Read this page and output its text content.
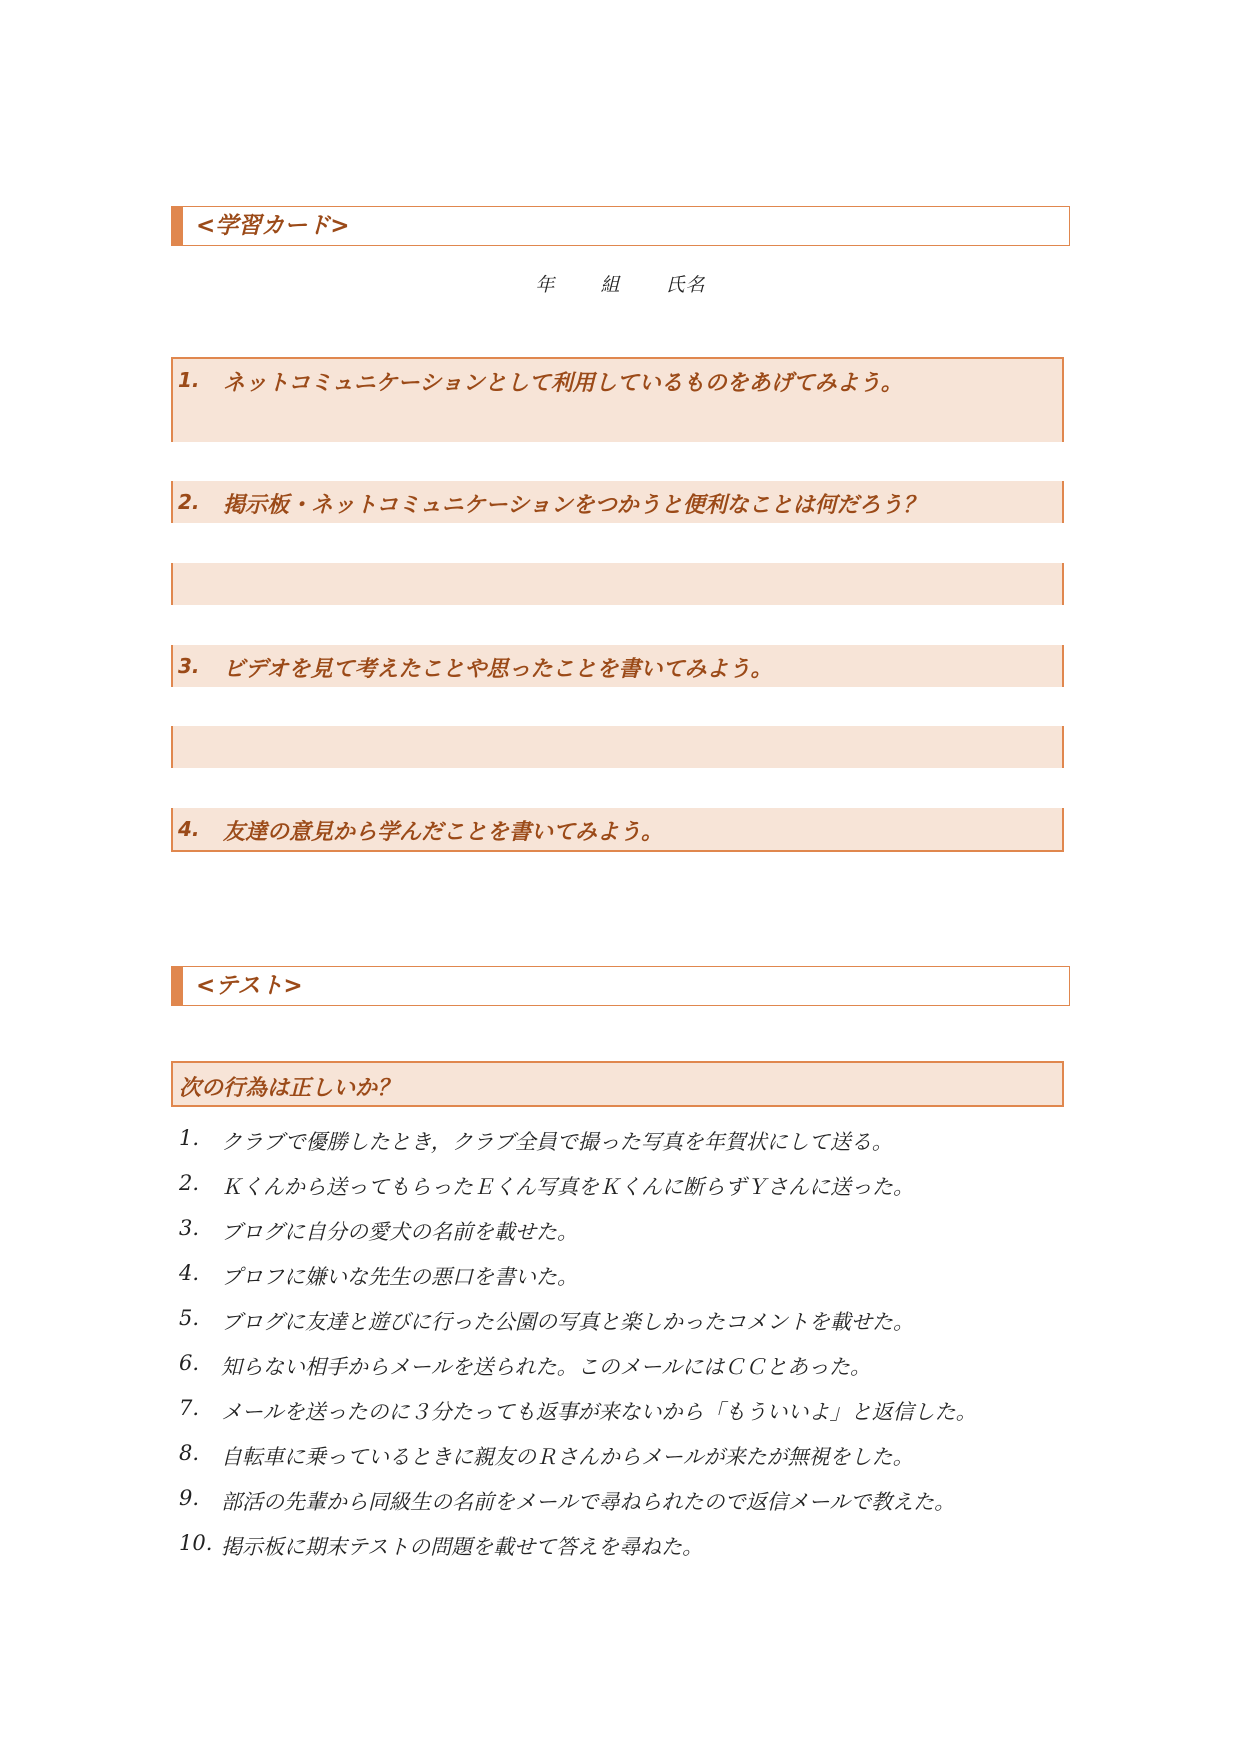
<学習カード>
年 組 氏名
1. ネットコミュニケーションとして利用しているものをあげてみよう。
2. 掲示板・ネットコミュニケーションをつかうと便利なことは何だろう？
3. ビデオを見て考えたことや思ったことを書いてみよう。
4. 友達の意見から学んだことを書いてみよう。
<テスト>
次の行為は正しいか？
1. クラブで優勝したとき，クラブ全員で撮った写真を年賀状にして送る。
2. Ｋくんから送ってもらったＥくん写真をＫくんに断らずＹさんに送った。
3. ブログに自分の愛犬の名前を載せた。
4. プロフに嫌いな先生の悪口を書いた。
5. ブログに友達と遊びに行った公園の写真と楽しかったコメントを載せた。
6. 知らない相手からメールを送られた。このメールにはＣＣとあった。
7. メールを送ったのに３分たっても返事が来ないから「もういいよ」と返信した。
8. 自転車に乗っているときに親友のＲさんからメールが来たが無視をした。
9. 部活の先輩から同級生の名前をメールで尋ねられたので返信メールで教えた。
10. 掲示板に期末テストの問題を載せて答えを尋ねた。
